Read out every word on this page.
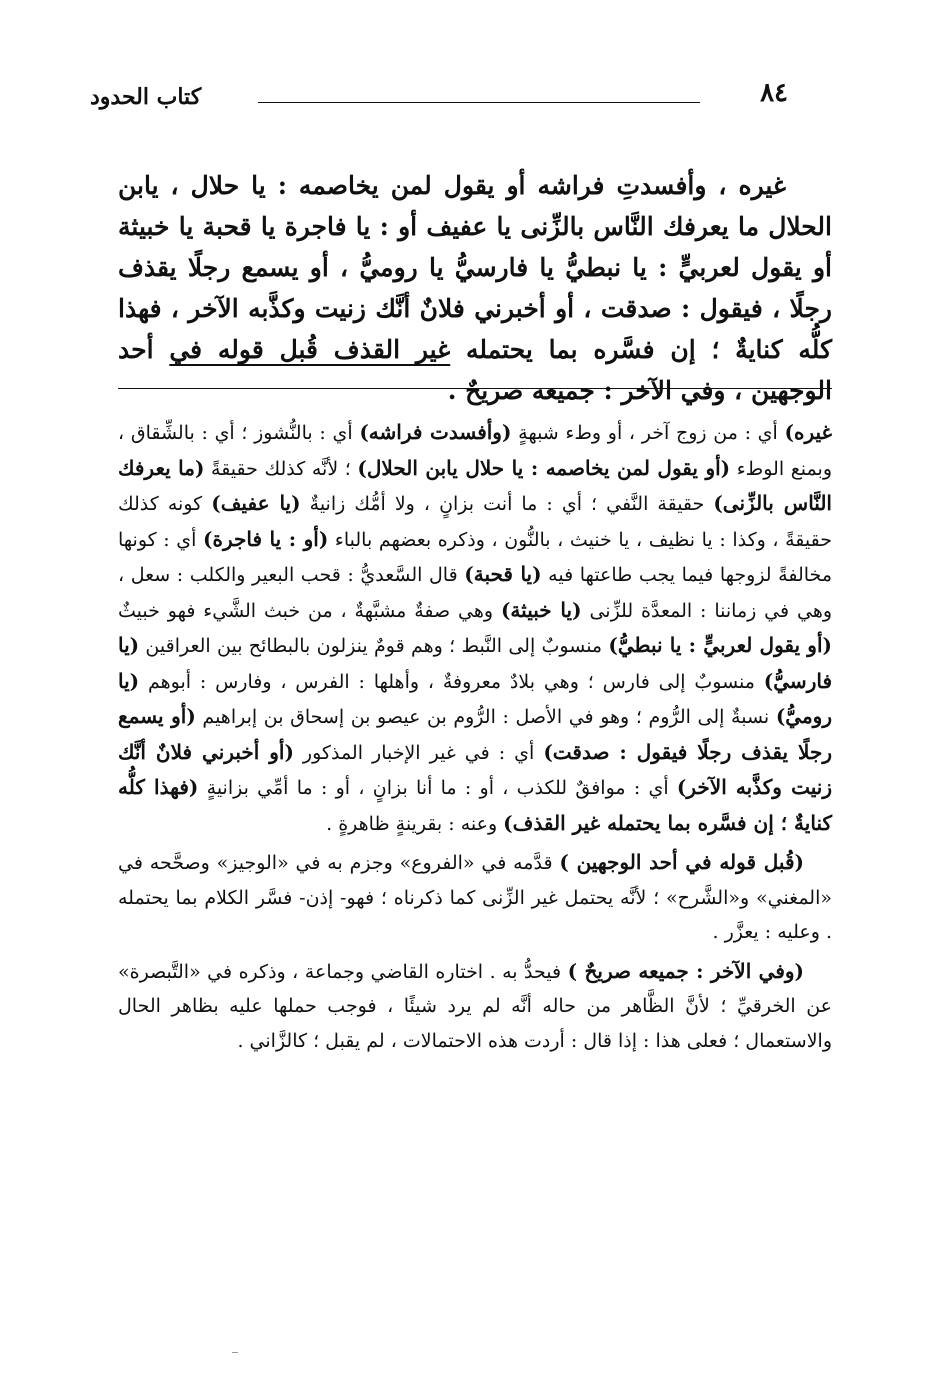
كتاب الحدود	٨٤

غيره ، وأفسدتِ فراشه أو يقول لمن يخاصمه : يا حلال ، يابن الحلال ما يعرفك النَّاس بالزِّنى يا عفيف أو : يا فاجرة يا قحبة يا خبيثة أو يقول لعربيٍّ : يا نبطيُّ يا فارسيُّ يا روميُّ ، أو يسمع رجلًا يقذف رجلًا ، فيقول : صدقت ، أو أخبرني فلانٌ أنَّك زنيت وكذَّبه الآخر ، فهذا كلُّه كنايةٌ ؛ إن فسَّره بما يحتمله غير القذف قُبل قوله في أحد الوجهين ، وفي الآخر : جميعه صريحٌ .

غيره) أي : من زوج آخر ، أو وطء شبهةٍ (وأفسدت فراشه) أي : بالنُّشوز ؛ أي : بالشِّقاق ، وبمنع الوطء (أو يقول لمن يخاصمه : يا حلال يابن الحلال) ؛ لأنَّه كذلك حقيقةً (ما يعرفك النَّاس بالزِّنى) حقيقة النَّفي ؛ أي : ما أنت بزانٍ ، ولا أمُّك زانيةٌ (يا عفيف) كونه كذلك حقيقةً ، وكذا : يا نظيف ، يا خنيث ، بالنُّون ، وذكره بعضهم بالباء (أو : يا فاجرة) أي : كونها مخالفةً لزوجها فيما يجب طاعتها فيه (يا قحبة) قال السَّعديُّ : قحب البعير والكلب : سعل ، وهي في زماننا : المعدَّة للزِّنى (يا خبيثة) وهي صفةٌ مشبَّهةٌ ، من خبث الشَّيء فهو خبيثٌ (أو يقول لعربيٍّ : يا نبطيُّ) منسوبٌ إلى النَّبط ؛ وهم قومٌ ينزلون بالبطائح بين العراقين (يا فارسيُّ) منسوبٌ إلى فارس ؛ وهي بلادٌ معروفةٌ ، وأهلها : الفرس ، وفارس : أبوهم (يا روميُّ) نسبةٌ إلى الرُّوم ؛ وهو في الأصل : الرُّوم بن عيصو بن إسحاق بن إبراهيم (أو يسمع رجلًا يقذف رجلًا فيقول : صدقت) أي : في غير الإخبار المذكور (أو أخبرني فلانٌ أنَّك زنيت وكذَّبه الآخر) أي : موافقٌ للكذب ، أو : ما أنا بزانٍ ، أو : ما أمِّي بزانيةٍ (فهذا كلُّه كنايةٌ ؛ إن فسَّره بما يحتمله غير القذف) وعنه : بقرينةٍ ظاهرةٍ .

(قُبل قوله في أحد الوجهين ) قدَّمه في «الفروع» وجزم به في «الوجيز» وصحَّحه في «المغني» و«الشَّرح» ؛ لأنَّه يحتمل غير الزِّنى كما ذكرناه ؛ فهو- إذن- فسَّر الكلام بما يحتمله . وعليه : يعزَّر .

(وفي الآخر : جميعه صريحٌ ) فيحدُّ به . اختاره القاضي وجماعة ، وذكره في «التَّبصرة» عن الخرقيِّ ؛ لأنَّ الظَّاهر من حاله أنَّه لم يرد شيئًا ، فوجب حملها عليه بظاهر الحال والاستعمال ؛ فعلى هذا : إذا قال : أردت هذه الاحتمالات ، لم يقبل ؛ كالزَّاني .
